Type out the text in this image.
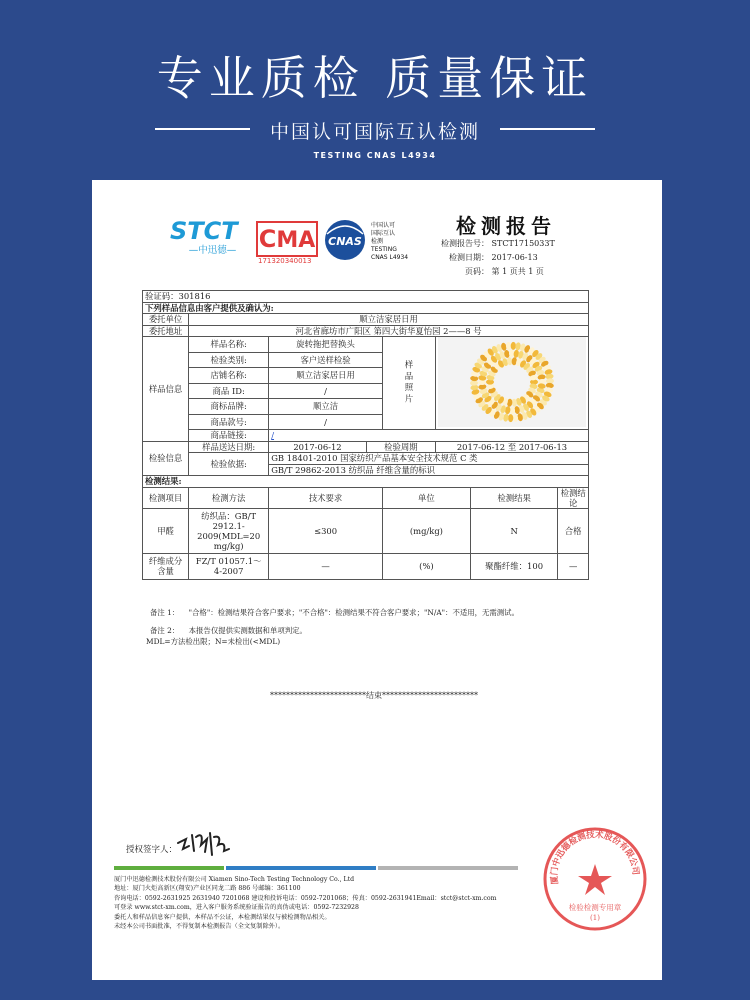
专业质检 质量保证
中国认可国际互认检测
TESTING CNAS L4934
STCT
—中迅德— CMA
171320340013
CNAS
中国认可
国际互认
检测
TESTING
CNAS L4934
检测报告
检测报告号： STCT1715033T
检测日期： 2017-06-13
页码： 第 1 页共 1 页
验证码：301816							
下列样品信息由客户提供及确认为:							
委托单位	顺立洁家居日用						
委托地址	河北省廊坊市广阳区 第四大街华夏怡园 2——8 号						
样品信息	样品名称:	旋转拖把替换头		样品照片

	检验类别:	客户送样检验					
	店铺名称:	顺立洁家居日用					
	商品 ID:	/					
	商标品牌:	顺立洁					
	商品款号:	/					
	商品链接:	/					
检验信息	样品送达日期:	2017-06-12	检验周期		2017-06-12 至 2017-06-13		
	检验依据:	GB 18401-2010 国家纺织产品基本安全技术规范 C 类					
		GB/T 29862-2013 纺织品 纤维含量的标识					
检测结果:							
检测项目	检测方法	技术要求		单位		检测结果	检测结论
甲醛	纺织品：GB/T 2912.1-2009(MDL=20 mg/kg)	≤300		(mg/kg)		N	合格
纤维成分含量	FZ/T 01057.1～4-2007	—		(%)		聚酯纤维：100	—
备注 1： "合格"：检测结果符合客户要求；"不合格"：检测结果不符合客户要求；"N/A"：不适用，无需测试。
备注 2： 本报告仅提供实测数据和单项判定。
MDL=方法检出限；N=未检出(<MDL)
************************结束************************
授权签字人：
厦门中迅德检测技术股份有限公司 Xiamen Sino-Tech Testing Technology Co., Ltd
地址：厦门火炬高新区(翔安)产业区同龙二路 886 号邮编：361100
咨询电话：0592-2631925 2631940 7201068 建设和投诉电话：0592-7201068；传真：0592-2631941Email：stct@stct-xm.com
可登录 www.stct-xm.com，进入客户服务系统验证报告的真伪或电话：0592-7232928
委托人和样品信息客户提供，本样品不公证，本检测结果仅与被检测物品相关。
未经本公司书面批准，不得复制本检测报告（全文复制除外）。
厦门中迅德检测技术股份有限公司
检验检测专用章
(1)
